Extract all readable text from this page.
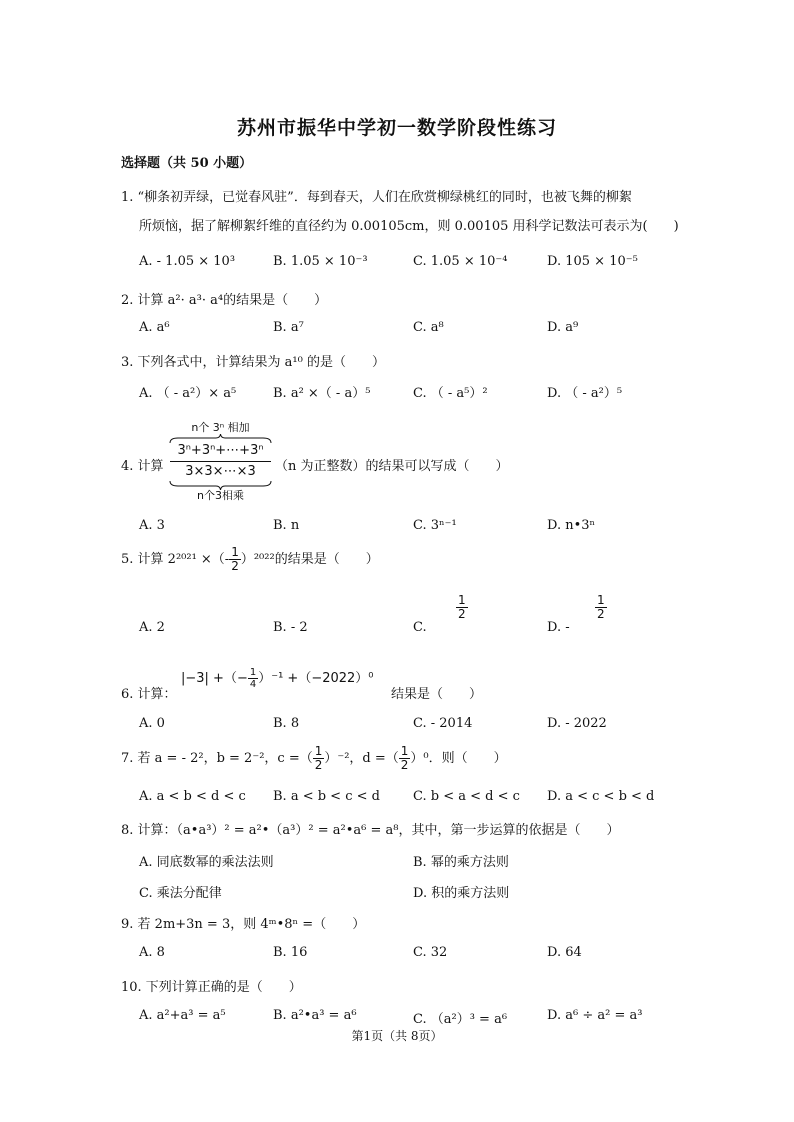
苏州市振华中学初一数学阶段性练习
选择题（共 50 小题）
1. “柳条初弄绿，已觉春风驻”．每到春天，人们在欣赏柳绿桃红的同时，也被飞舞的柳絮
所烦恼，据了解柳絮纤维的直径约为 0.00105cm，则 0.00105 用科学记数法可表示为(　　)
A. - 1.05 × 10³	B. 1.05 × 10⁻³	C. 1.05 × 10⁻⁴	D. 105 × 10⁻⁵
2. 计算 a²· a³· a⁴的结果是（　　）
A. a⁶	B. a⁷	C. a⁸	D. a⁹
3. 下列各式中，计算结果为 a¹⁰ 的是（　　）
A. （ - a²）× a⁵	B. a² ×（ - a）⁵	C. （ - a⁵）²	D. （ - a²）⁵
4. 计算
n个 3ⁿ 相加
3ⁿ+3ⁿ+⋯+3ⁿ
3×3×⋯×3
n个3相乘
（n 为正整数）的结果可以写成（　　）
A. 3	B. n	C. 3ⁿ⁻¹	D. n•3ⁿ
5. 计算 2²⁰²¹ ×（- $\frac{1}{2} )^{2022}$的结果是（　　）
A. 2	B. - 2	C.
$\frac{1}{2}$
D. -
$\frac{1}{2}$
6. 计算：
|−3| +（− $\frac{1}{4} )^{-1} +(-2022)^0$
结果是（　　）
A. 0	B. 8	C. - 2014	D. - 2022
7. 若 a = - 2²，b = 2⁻²，c =（ $\frac{1}{2} )^{-2}$，d =（ $\frac{1}{2} )^0$．则（　　）
A. a < b < d < c B. a < b < c < d	C. b < a < d < c D. a < c < b < d
8. 计算：（a•a³）² = a²•（a³）² = a²•a⁶ = a⁸，其中，第一步运算的依据是（　　）
A. 同底数幂的乘法法则	B. 幂的乘方法则
C. 乘法分配律	D. 积的乘方法则
9. 若 2m+3n = 3，则 4ᵐ•8ⁿ =（　　）
A. 8	B. 16	C. 32	D. 64
10. 下列计算正确的是（　　）
A. a²+a³ = a⁵	B. a²•a³ = a⁶	C. （a²）³ = a⁶	D. a⁶ ÷ a² = a³
第1页（共 8页）
